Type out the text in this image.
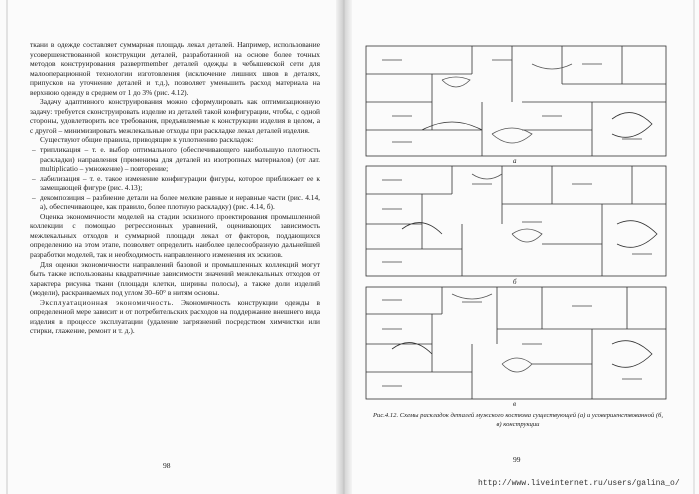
ткани в одежде составляет суммарная площадь лекал деталей. Например, использование усовершенствованной конструкции деталей, разработанной на основе более точных методов конструирования развертmember деталей одежды в чебышевской сети для малооперационной технологии изготовления (исключение лишних швов в деталях, припусков на уточнение деталей и т.д.), позволяет уменьшить расход материала на верхнюю одежду в среднем от 1 до 3% (рис. 4.12).

Задачу адаптивного конструирования можно сформулировать как оптимизационную задачу: требуется сконструировать изделие из деталей такой конфигурации, чтобы, с одной стороны, удовлетворить все требования, предъявляемые к конструкции изделия в целом, а с другой – минимизировать межлекальные отходы при раскладке лекал деталей изделия.

Существуют общие правила, приводящие к уплотнению раскладок:

– трипликация – т. е. выбор оптимального (обеспечивающего наибольшую плотность раскладки) направления (применима для деталей из изотропных материалов) (от лат. multiplicatio – умножение) – повторение;
– лабилизация – т. е. такое изменение конфигурации фигуры, которое приближает ее к замещающей фигуре (рис. 4.13);
– декомпозиция – разбиение детали на более мелкие равные и неравные части (рис. 4.14, а), обеспечивающее, как правило, более плотную раскладку) (рис. 4.14, б).

Оценка экономичности моделей на стадии эскизного проектирования промышленной коллекции с помощью регрессионных уравнений, оценивающих зависимость межлекальных отходов и суммарной площади лекал от факторов, поддающихся определению на этом этапе, позволяет определить наиболее целесообразную дальнейшей разработки моделей, так и необходимость направленного изменения их эскизов.

Для оценки экономичности направлений базовой и промышленных коллекций могут быть также использованы квадратичные зависимости значений межлекальных отходов от характера рисунка ткани (площади клетки, ширины полосы), а также доли изделий (модели), раскраиваемых под углом 30–60° в нитям основы.

Эксплуатационная экономичность. Экономичность конструкции одежды в определенной мере зависит и от потребительских расходов на поддержание внешнего вида изделия в процессе эксплуатации (удаление загрязнений посредством химчистки или стирки, глажение, ремонт и т. д.).

98
а
б
в
Рис.4.12. Схемы раскладок деталей мужского костюма существующей (а) и усовершенствованной (б, в) конструкции
99
http://www.liveinternet.ru/users/galina_o/
